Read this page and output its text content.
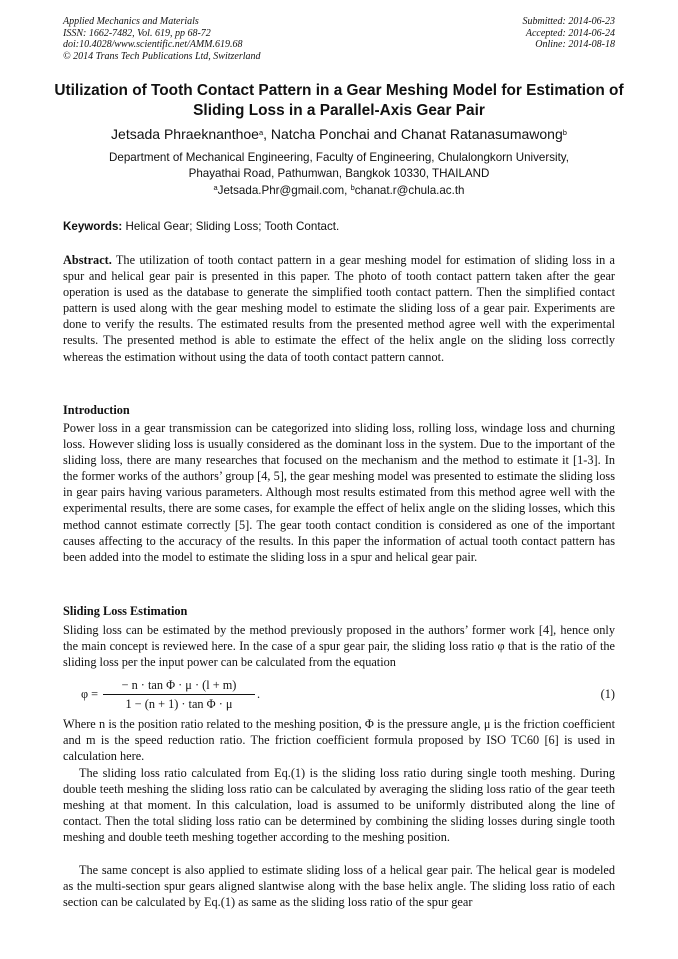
Applied Mechanics and Materials
ISSN: 1662-7482, Vol. 619, pp 68-72
doi:10.4028/www.scientific.net/AMM.619.68
© 2014 Trans Tech Publications Ltd, Switzerland
Submitted: 2014-06-23
Accepted: 2014-06-24
Online: 2014-08-18
Utilization of Tooth Contact Pattern in a Gear Meshing Model for Estimation of Sliding Loss in a Parallel-Axis Gear Pair
Jetsada Phraeknanthoe$^a$, Natcha Ponchai and Chanat Ratanasumawong$^b$
Department of Mechanical Engineering, Faculty of Engineering, Chulalongkorn University,
Phayathai Road, Pathumwan, Bangkok 10330, THAILAND
$^a$Jetsada.Phr@gmail.com, $^b$chanat.r@chula.ac.th
Keywords: Helical Gear; Sliding Loss; Tooth Contact.
Abstract. The utilization of tooth contact pattern in a gear meshing model for estimation of sliding loss in a spur and helical gear pair is presented in this paper. The photo of tooth contact pattern taken after the gear operation is used as the database to generate the simplified tooth contact pattern. Then the simplified contact pattern is used along with the gear meshing model to estimate the sliding loss of a gear pair. Experiments are done to verify the results. The estimated results from the presented method agree well with the experimental results. The presented method is able to estimate the effect of the helix angle on the sliding loss correctly whereas the estimation without using the data of tooth contact pattern cannot.
Introduction
Power loss in a gear transmission can be categorized into sliding loss, rolling loss, windage loss and churning loss. However sliding loss is usually considered as the dominant loss in the system. Due to the important of the sliding loss, there are many researches that focused on the mechanism and the method to estimate it [1-3]. In the former works of the authors’ group [4, 5], the gear meshing model was presented to estimate the sliding loss in gear pairs having various parameters. Although most results estimated from this method agree well with the experimental results, there are some cases, for example the effect of helix angle on the sliding losses, which this method cannot estimate correctly [5]. The gear tooth contact condition is considered as one of the important causes affecting to the accuracy of the results. In this paper the information of actual tooth contact pattern has been added into the model to estimate the sliding loss in a spur and helical gear pair.
Sliding Loss Estimation
Sliding loss can be estimated by the method previously proposed in the authors’ former work [4], hence only the main concept is reviewed here. In the case of a spur gear pair, the sliding loss ratio φ that is the ratio of the sliding loss per the input power can be calculated from the equation
φ =
− n · tan Φ · μ · (l + m)
1 − (n + 1) · tan Φ · μ
.	(1)
Where n is the position ratio related to the meshing position, Φ is the pressure angle, μ is the friction coefficient and m is the speed reduction ratio. The friction coefficient formula proposed by ISO TC60 [6] is used in calculation here.
The sliding loss ratio calculated from Eq.(1) is the sliding loss ratio during single tooth meshing. During double teeth meshing the sliding loss ratio can be calculated by averaging the sliding loss ratio of the gear teeth meshing at that moment. In this calculation, load is assumed to be uniformly distributed along the line of contact. Then the total sliding loss ratio can be determined by combining the sliding losses during single tooth meshing and double teeth meshing together according to the meshing position.
The same concept is also applied to estimate sliding loss of a helical gear pair. The helical gear is modeled as the multi-section spur gears aligned slantwise along with the base helix angle. The sliding loss ratio of each section can be calculated by Eq.(1) as same as the sliding loss ratio of the spur gear
